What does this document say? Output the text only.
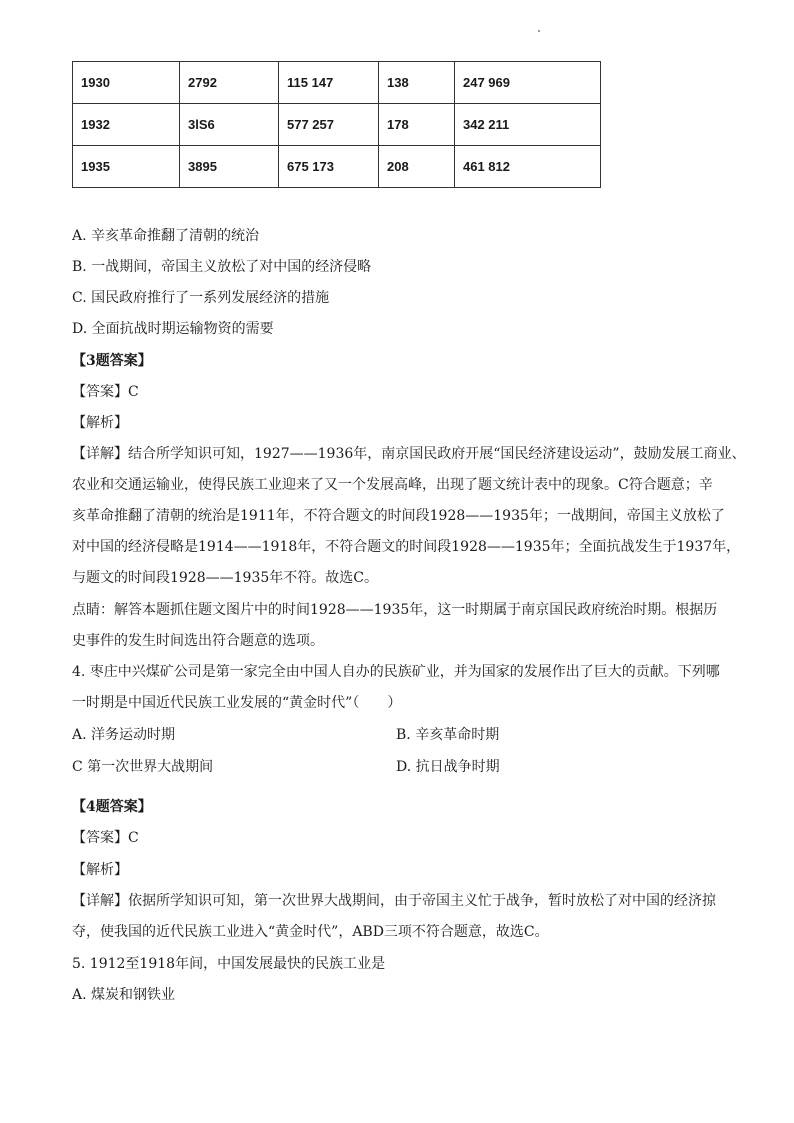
1930	2792	115 147	138	247 969
1932	3lS6	577 257	178	342 211
1935	3895	675 173	208	461 812
A. 辛亥革命推翻了清朝的统治
B. 一战期间，帝国主义放松了对中国的经济侵略
C. 国民政府推行了一系列发展经济的措施
D. 全面抗战时期运输物资的需要
【3题答案】
【答案】C
【解析】
【详解】结合所学知识可知，1927——1936年，南京国民政府开展“国民经济建设运动”，鼓励发展工商业、
农业和交通运输业，使得民族工业迎来了又一个发展高峰，出现了题文统计表中的现象。C符合题意；辛
亥革命推翻了清朝的统治是1911年，不符合题文的时间段1928——1935年；一战期间，帝国主义放松了
对中国的经济侵略是1914——1918年，不符合题文的时间段1928——1935年；全面抗战发生于1937年，
与题文的时间段1928——1935年不符。故选C。
点睛：解答本题抓住题文图片中的时间1928——1935年，这一时期属于南京国民政府统治时期。根据历
史事件的发生时间选出符合题意的选项。
4. 枣庄中兴煤矿公司是第一家完全由中国人自办的民族矿业，并为国家的发展作出了巨大的贡献。下列哪
一时期是中国近代民族工业发展的“黄金时代”（　　）
A. 洋务运动时期	B. 辛亥革命时期
C 第一次世界大战期间	D. 抗日战争时期
【4题答案】
【答案】C
【解析】
【详解】依据所学知识可知，第一次世界大战期间，由于帝国主义忙于战争，暂时放松了对中国的经济掠
夺，使我国的近代民族工业进入“黄金时代”，ABD三项不符合题意，故选C。
5. 1912至1918年间，中国发展最快的民族工业是
A. 煤炭和钢铁业
